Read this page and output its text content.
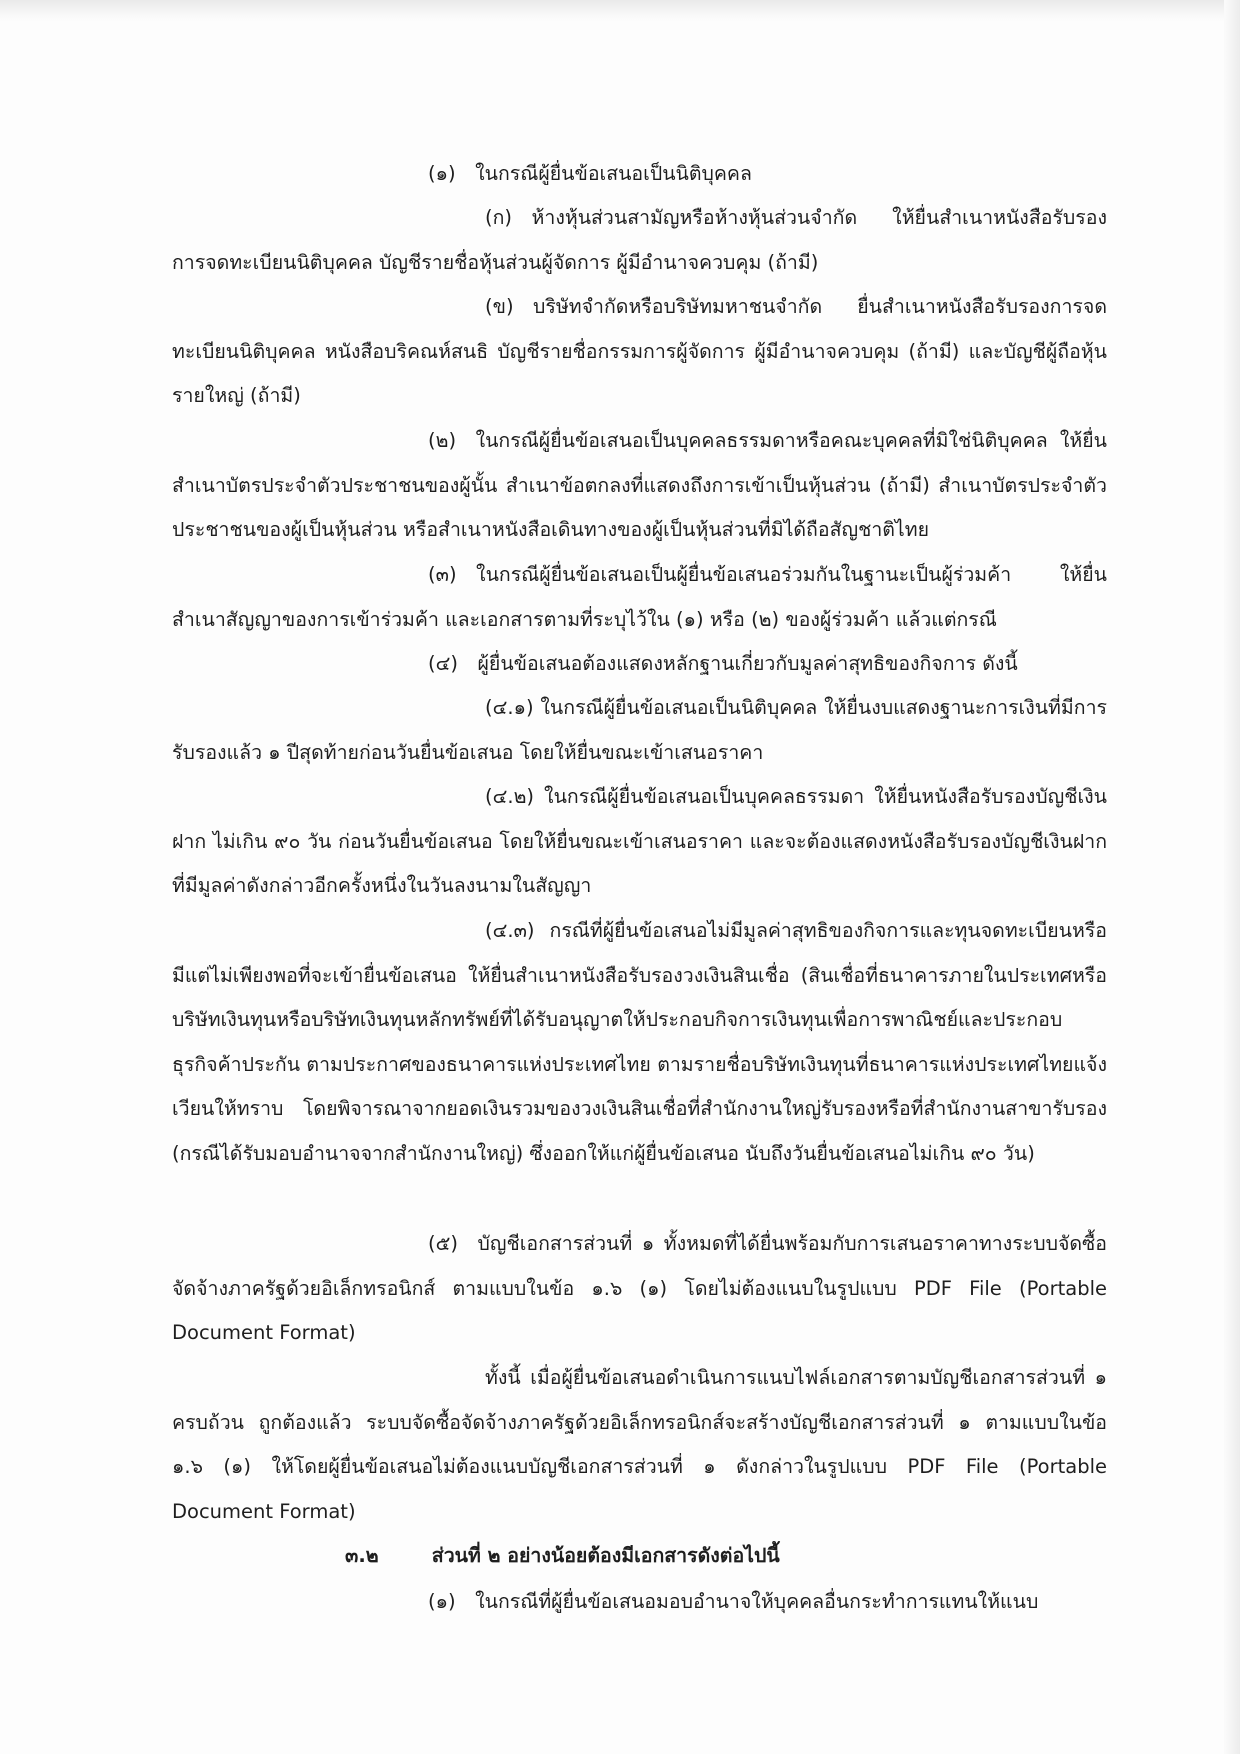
(๑) ในกรณีผู้ยื่นข้อเสนอเป็นนิติบุคคล

(ก) ห้างหุ้นส่วนสามัญหรือห้างหุ้นส่วนจำกัด ให้ยื่นสำเนาหนังสือรับรองการจดทะเบียนนิติบุคคล บัญชีรายชื่อหุ้นส่วนผู้จัดการ ผู้มีอำนาจควบคุม (ถ้ามี)

(ข) บริษัทจำกัดหรือบริษัทมหาชนจำกัด ยื่นสำเนาหนังสือรับรองการจดทะเบียนนิติบุคคล หนังสือบริคณห์สนธิ บัญชีรายชื่อกรรมการผู้จัดการ ผู้มีอำนาจควบคุม (ถ้ามี) และบัญชีผู้ถือหุ้นรายใหญ่ (ถ้ามี)

(๒) ในกรณีผู้ยื่นข้อเสนอเป็นบุคคลธรรมดาหรือคณะบุคคลที่มิใช่นิติบุคคล ให้ยื่นสำเนาบัตรประจำตัวประชาชนของผู้นั้น สำเนาข้อตกลงที่แสดงถึงการเข้าเป็นหุ้นส่วน (ถ้ามี) สำเนาบัตรประจำตัวประชาชนของผู้เป็นหุ้นส่วน หรือสำเนาหนังสือเดินทางของผู้เป็นหุ้นส่วนที่มิได้ถือสัญชาติไทย

(๓) ในกรณีผู้ยื่นข้อเสนอเป็นผู้ยื่นข้อเสนอร่วมกันในฐานะเป็นผู้ร่วมค้า ให้ยื่นสำเนาสัญญาของการเข้าร่วมค้า และเอกสารตามที่ระบุไว้ใน (๑) หรือ (๒) ของผู้ร่วมค้า แล้วแต่กรณี

(๔) ผู้ยื่นข้อเสนอต้องแสดงหลักฐานเกี่ยวกับมูลค่าสุทธิของกิจการ ดังนี้

(๔.๑) ในกรณีผู้ยื่นข้อเสนอเป็นนิติบุคคล ให้ยื่นงบแสดงฐานะการเงินที่มีการรับรองแล้ว ๑ ปีสุดท้ายก่อนวันยื่นข้อเสนอ โดยให้ยื่นขณะเข้าเสนอราคา

(๔.๒) ในกรณีผู้ยื่นข้อเสนอเป็นบุคคลธรรมดา ให้ยื่นหนังสือรับรองบัญชีเงินฝาก ไม่เกิน ๙๐ วัน ก่อนวันยื่นข้อเสนอ โดยให้ยื่นขณะเข้าเสนอราคา และจะต้องแสดงหนังสือรับรองบัญชีเงินฝากที่มีมูลค่าดังกล่าวอีกครั้งหนึ่งในวันลงนามในสัญญา

(๔.๓) กรณีที่ผู้ยื่นข้อเสนอไม่มีมูลค่าสุทธิของกิจการและทุนจดทะเบียนหรือมีแต่ไม่เพียงพอที่จะเข้ายื่นข้อเสนอ ให้ยื่นสำเนาหนังสือรับรองวงเงินสินเชื่อ (สินเชื่อที่ธนาคารภายในประเทศหรือบริษัทเงินทุนหรือบริษัทเงินทุนหลักทรัพย์ที่ได้รับอนุญาตให้ประกอบกิจการเงินทุนเพื่อการพาณิชย์และประกอบธุรกิจค้าประกัน ตามประกาศของธนาคารแห่งประเทศไทย ตามรายชื่อบริษัทเงินทุนที่ธนาคารแห่งประเทศไทยแจ้งเวียนให้ทราบ โดยพิจารณาจากยอดเงินรวมของวงเงินสินเชื่อที่สำนักงานใหญ่รับรองหรือที่สำนักงานสาขารับรอง (กรณีได้รับมอบอำนาจจากสำนักงานใหญ่) ซึ่งออกให้แก่ผู้ยื่นข้อเสนอ นับถึงวันยื่นข้อเสนอไม่เกิน ๙๐ วัน)

(๕) บัญชีเอกสารส่วนที่ ๑ ทั้งหมดที่ได้ยื่นพร้อมกับการเสนอราคาทางระบบจัดซื้อจัดจ้างภาครัฐด้วยอิเล็กทรอนิกส์ ตามแบบในข้อ ๑.๖ (๑) โดยไม่ต้องแนบในรูปแบบ PDF File (Portable Document Format)

ทั้งนี้ เมื่อผู้ยื่นข้อเสนอดำเนินการแนบไฟล์เอกสารตามบัญชีเอกสารส่วนที่ ๑ ครบถ้วน ถูกต้องแล้ว ระบบจัดซื้อจัดจ้างภาครัฐด้วยอิเล็กทรอนิกส์จะสร้างบัญชีเอกสารส่วนที่ ๑ ตามแบบในข้อ ๑.๖ (๑) ให้โดยผู้ยื่นข้อเสนอไม่ต้องแนบบัญชีเอกสารส่วนที่ ๑ ดังกล่าวในรูปแบบ PDF File (Portable Document Format)

๓.๒	ส่วนที่ ๒ อย่างน้อยต้องมีเอกสารดังต่อไปนี้

(๑) ในกรณีที่ผู้ยื่นข้อเสนอมอบอำนาจให้บุคคลอื่นกระทำการแทนให้แนบ
